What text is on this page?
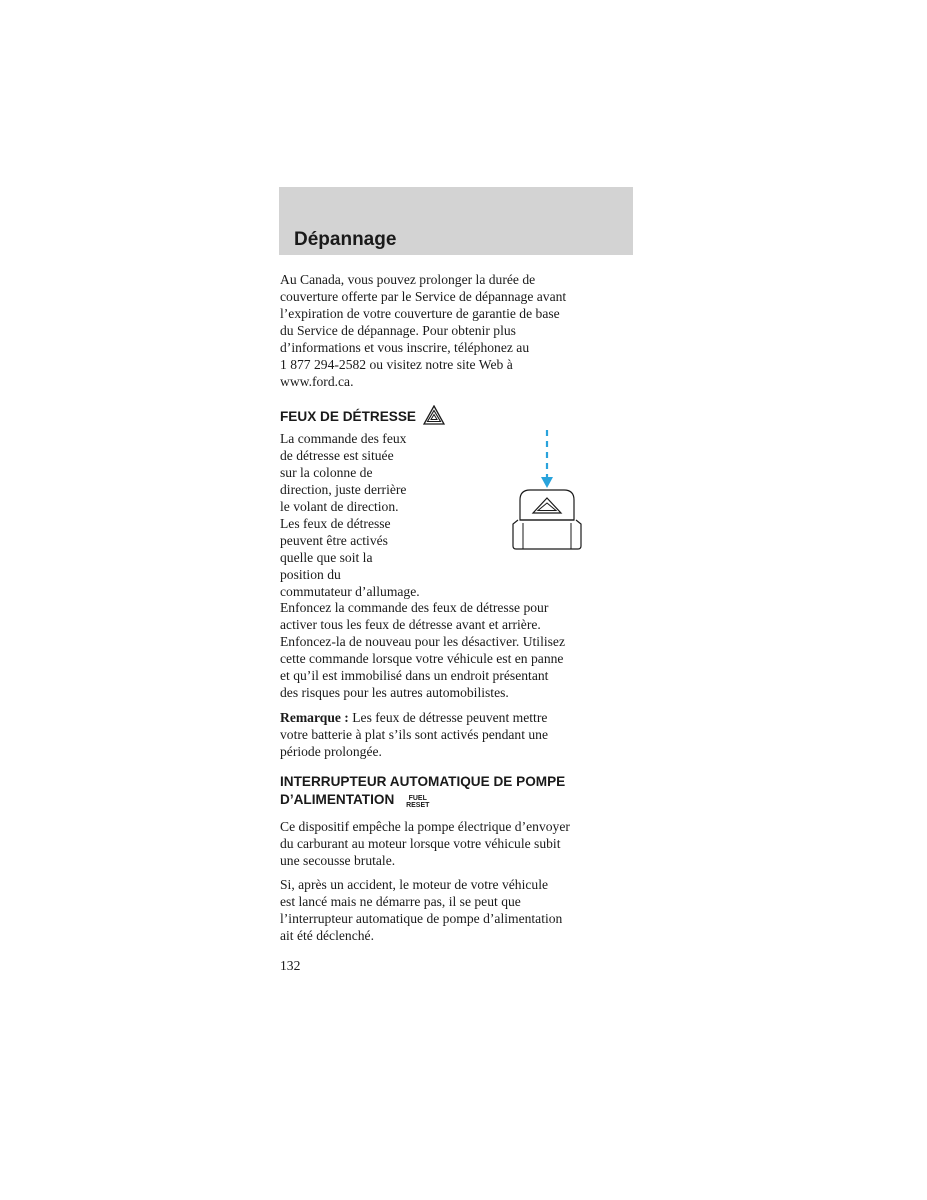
Dépannage

Au Canada, vous pouvez prolonger la durée de
couverture offerte par le Service de dépannage avant
l’expiration de votre couverture de garantie de base
du Service de dépannage. Pour obtenir plus
d’informations et vous inscrire, téléphonez au
1 877 294-2582 ou visitez notre site Web à
www.ford.ca.

FEUX DE DÉTRESSE

La commande des feux
de détresse est située
sur la colonne de
direction, juste derrière
le volant de direction.
Les feux de détresse
peuvent être activés
quelle que soit la
position du
commutateur d’allumage.

Enfoncez la commande des feux de détresse pour
activer tous les feux de détresse avant et arrière.
Enfoncez-la de nouveau pour les désactiver. Utilisez
cette commande lorsque votre véhicule est en panne
et qu’il est immobilisé dans un endroit présentant
des risques pour les autres automobilistes.

Remarque : Les feux de détresse peuvent mettre
votre batterie à plat s’ils sont activés pendant une
période prolongée.

INTERRUPTEUR AUTOMATIQUE DE POMPE
D’ALIMENTATION	FUEL
RESET

Ce dispositif empêche la pompe électrique d’envoyer
du carburant au moteur lorsque votre véhicule subit
une secousse brutale.

Si, après un accident, le moteur de votre véhicule
est lancé mais ne démarre pas, il se peut que
l’interrupteur automatique de pompe d’alimentation
ait été déclenché.

132
